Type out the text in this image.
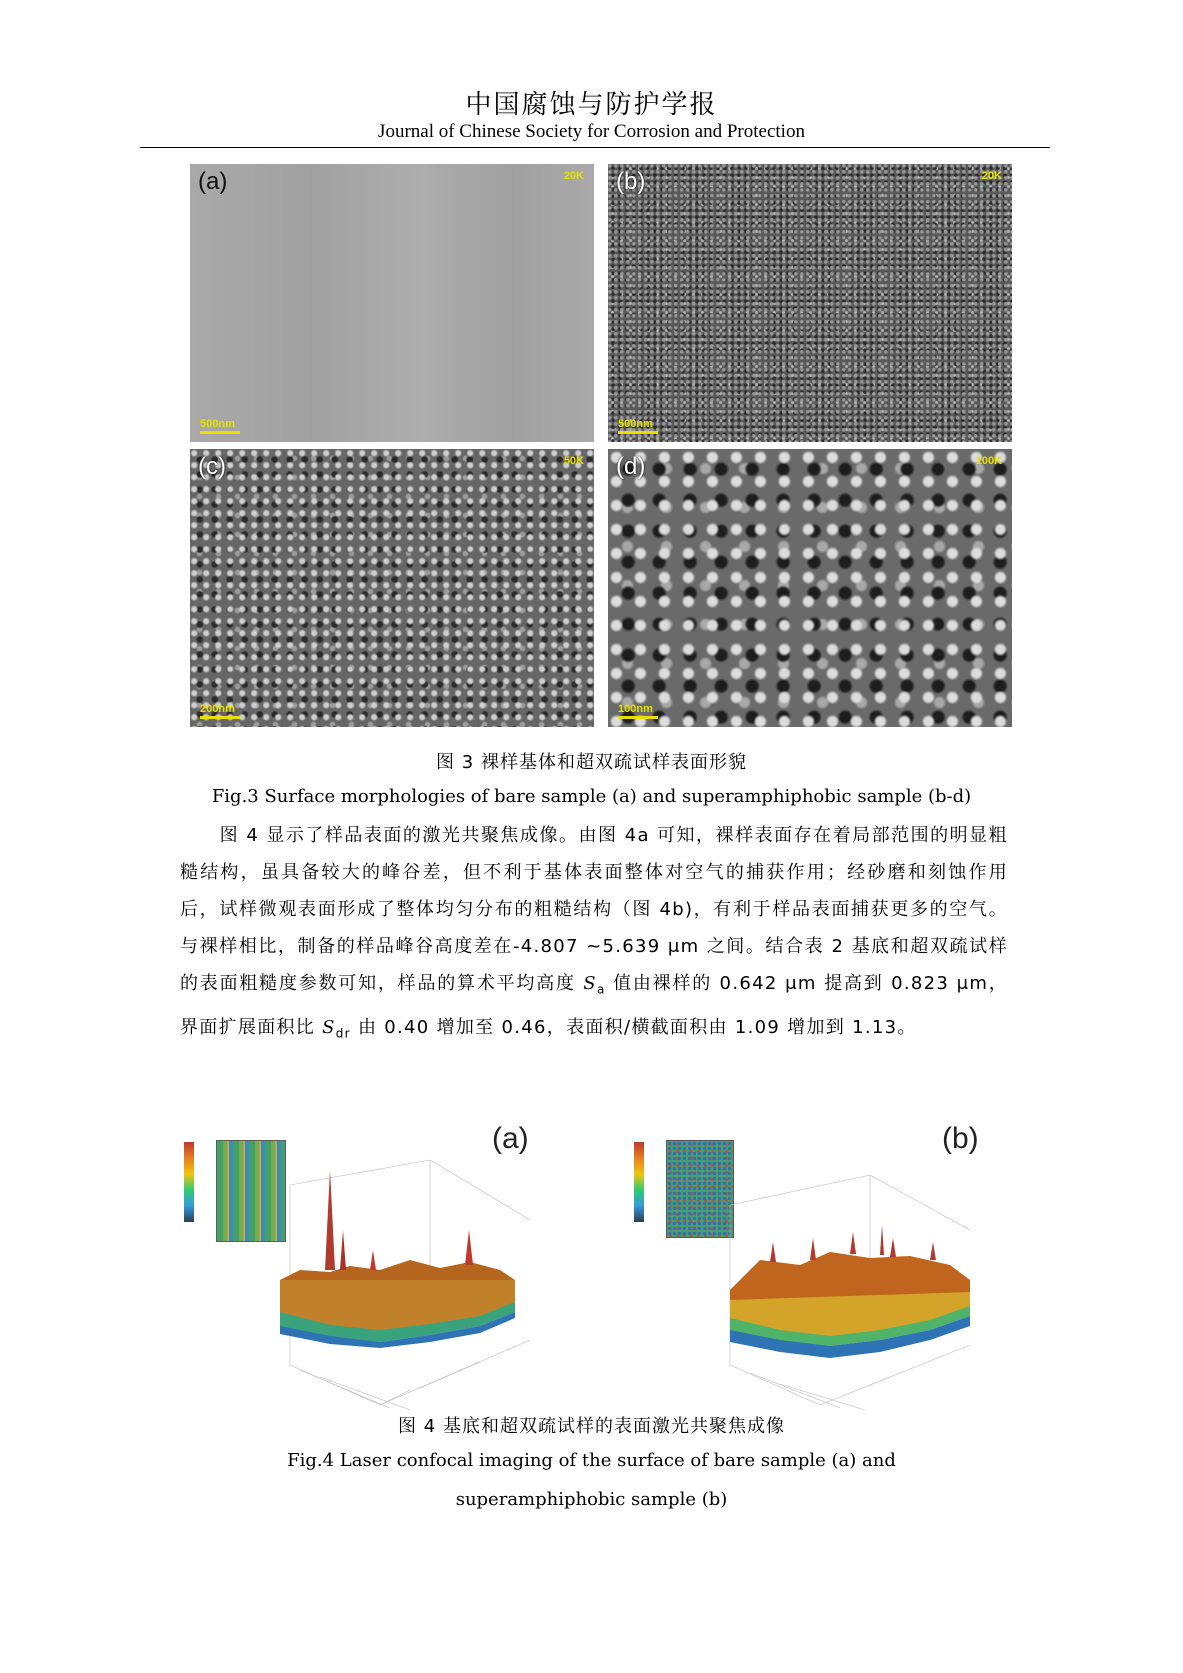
中国腐蚀与防护学报
Journal of Chinese Society for Corrosion and Protection
(a)	20K
500nm
(b)	20K
500nm
(c)	50K
200nm
(d)	100K
100nm
图 3 裸样基体和超双疏试样表面形貌
Fig.3 Surface morphologies of bare sample (a) and superamphiphobic sample (b-d)

图 4 显示了样品表面的激光共聚焦成像。由图 4a 可知，裸样表面存在着局部范围的明显粗糙结构，虽具备较大的峰谷差，但不利于基体表面整体对空气的捕获作用；经砂磨和刻蚀作用后，试样微观表面形成了整体均匀分布的粗糙结构（图 4b)，有利于样品表面捕获更多的空气。与裸样相比，制备的样品峰谷高度差在-4.807 ~5.639 μm 之间。结合表 2 基底和超双疏试样的表面粗糙度参数可知，样品的算术平均高度 $S_a$ 值由裸样的 0.642 μm 提高到 0.823 μm，界面扩展面积比 $S_{dr}$ 由 0.40 增加至 0.46，表面积/横截面积由 1.09 增加到 1.13。

(a)	(b)
图 4 基底和超双疏试样的表面激光共聚焦成像
Fig.4 Laser confocal imaging of the surface of bare sample (a) and
superamphiphobic sample (b)
